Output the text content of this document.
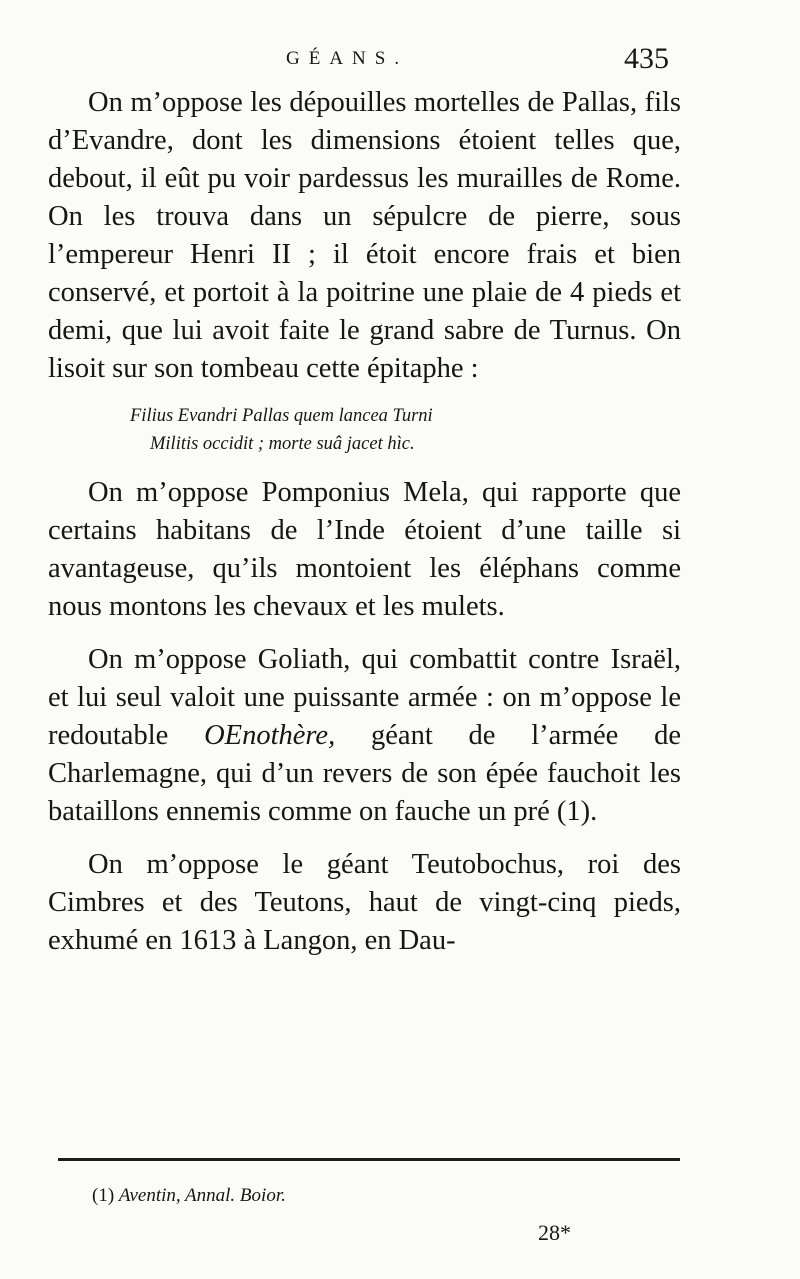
GÉANS.	435

On m’oppose les dépouilles mortelles de Pallas, fils d’Evandre, dont les dimensions étoient telles que, debout, il eût pu voir pardessus les murailles de Rome. On les trouva dans un sépulcre de pierre, sous l’empereur Henri II ; il étoit encore frais et bien conservé, et portoit à la poitrine une plaie de 4 pieds et demi, que lui avoit faite le grand sabre de Turnus. On lisoit sur son tombeau cette épitaphe :

Filius Evandri Pallas quem lancea Turni
Militis occidit ; morte suâ jacet hìc.

On m’oppose Pomponius Mela, qui rapporte que certains habitans de l’Inde étoient d’une taille si avantageuse, qu’ils montoient les éléphans comme nous montons les chevaux et les mulets.

On m’oppose Goliath, qui combattit contre Israël, et lui seul valoit une puissante armée : on m’oppose le redoutable OEnothère, géant de l’armée de Charlemagne, qui d’un revers de son épée fauchoit les bataillons ennemis comme on fauche un pré (1).

On m’oppose le géant Teutobochus, roi des Cimbres et des Teutons, haut de vingt-cinq pieds, exhumé en 1613 à Langon, en Dau-

(1) Aventin, Annal. Boior.
28*
